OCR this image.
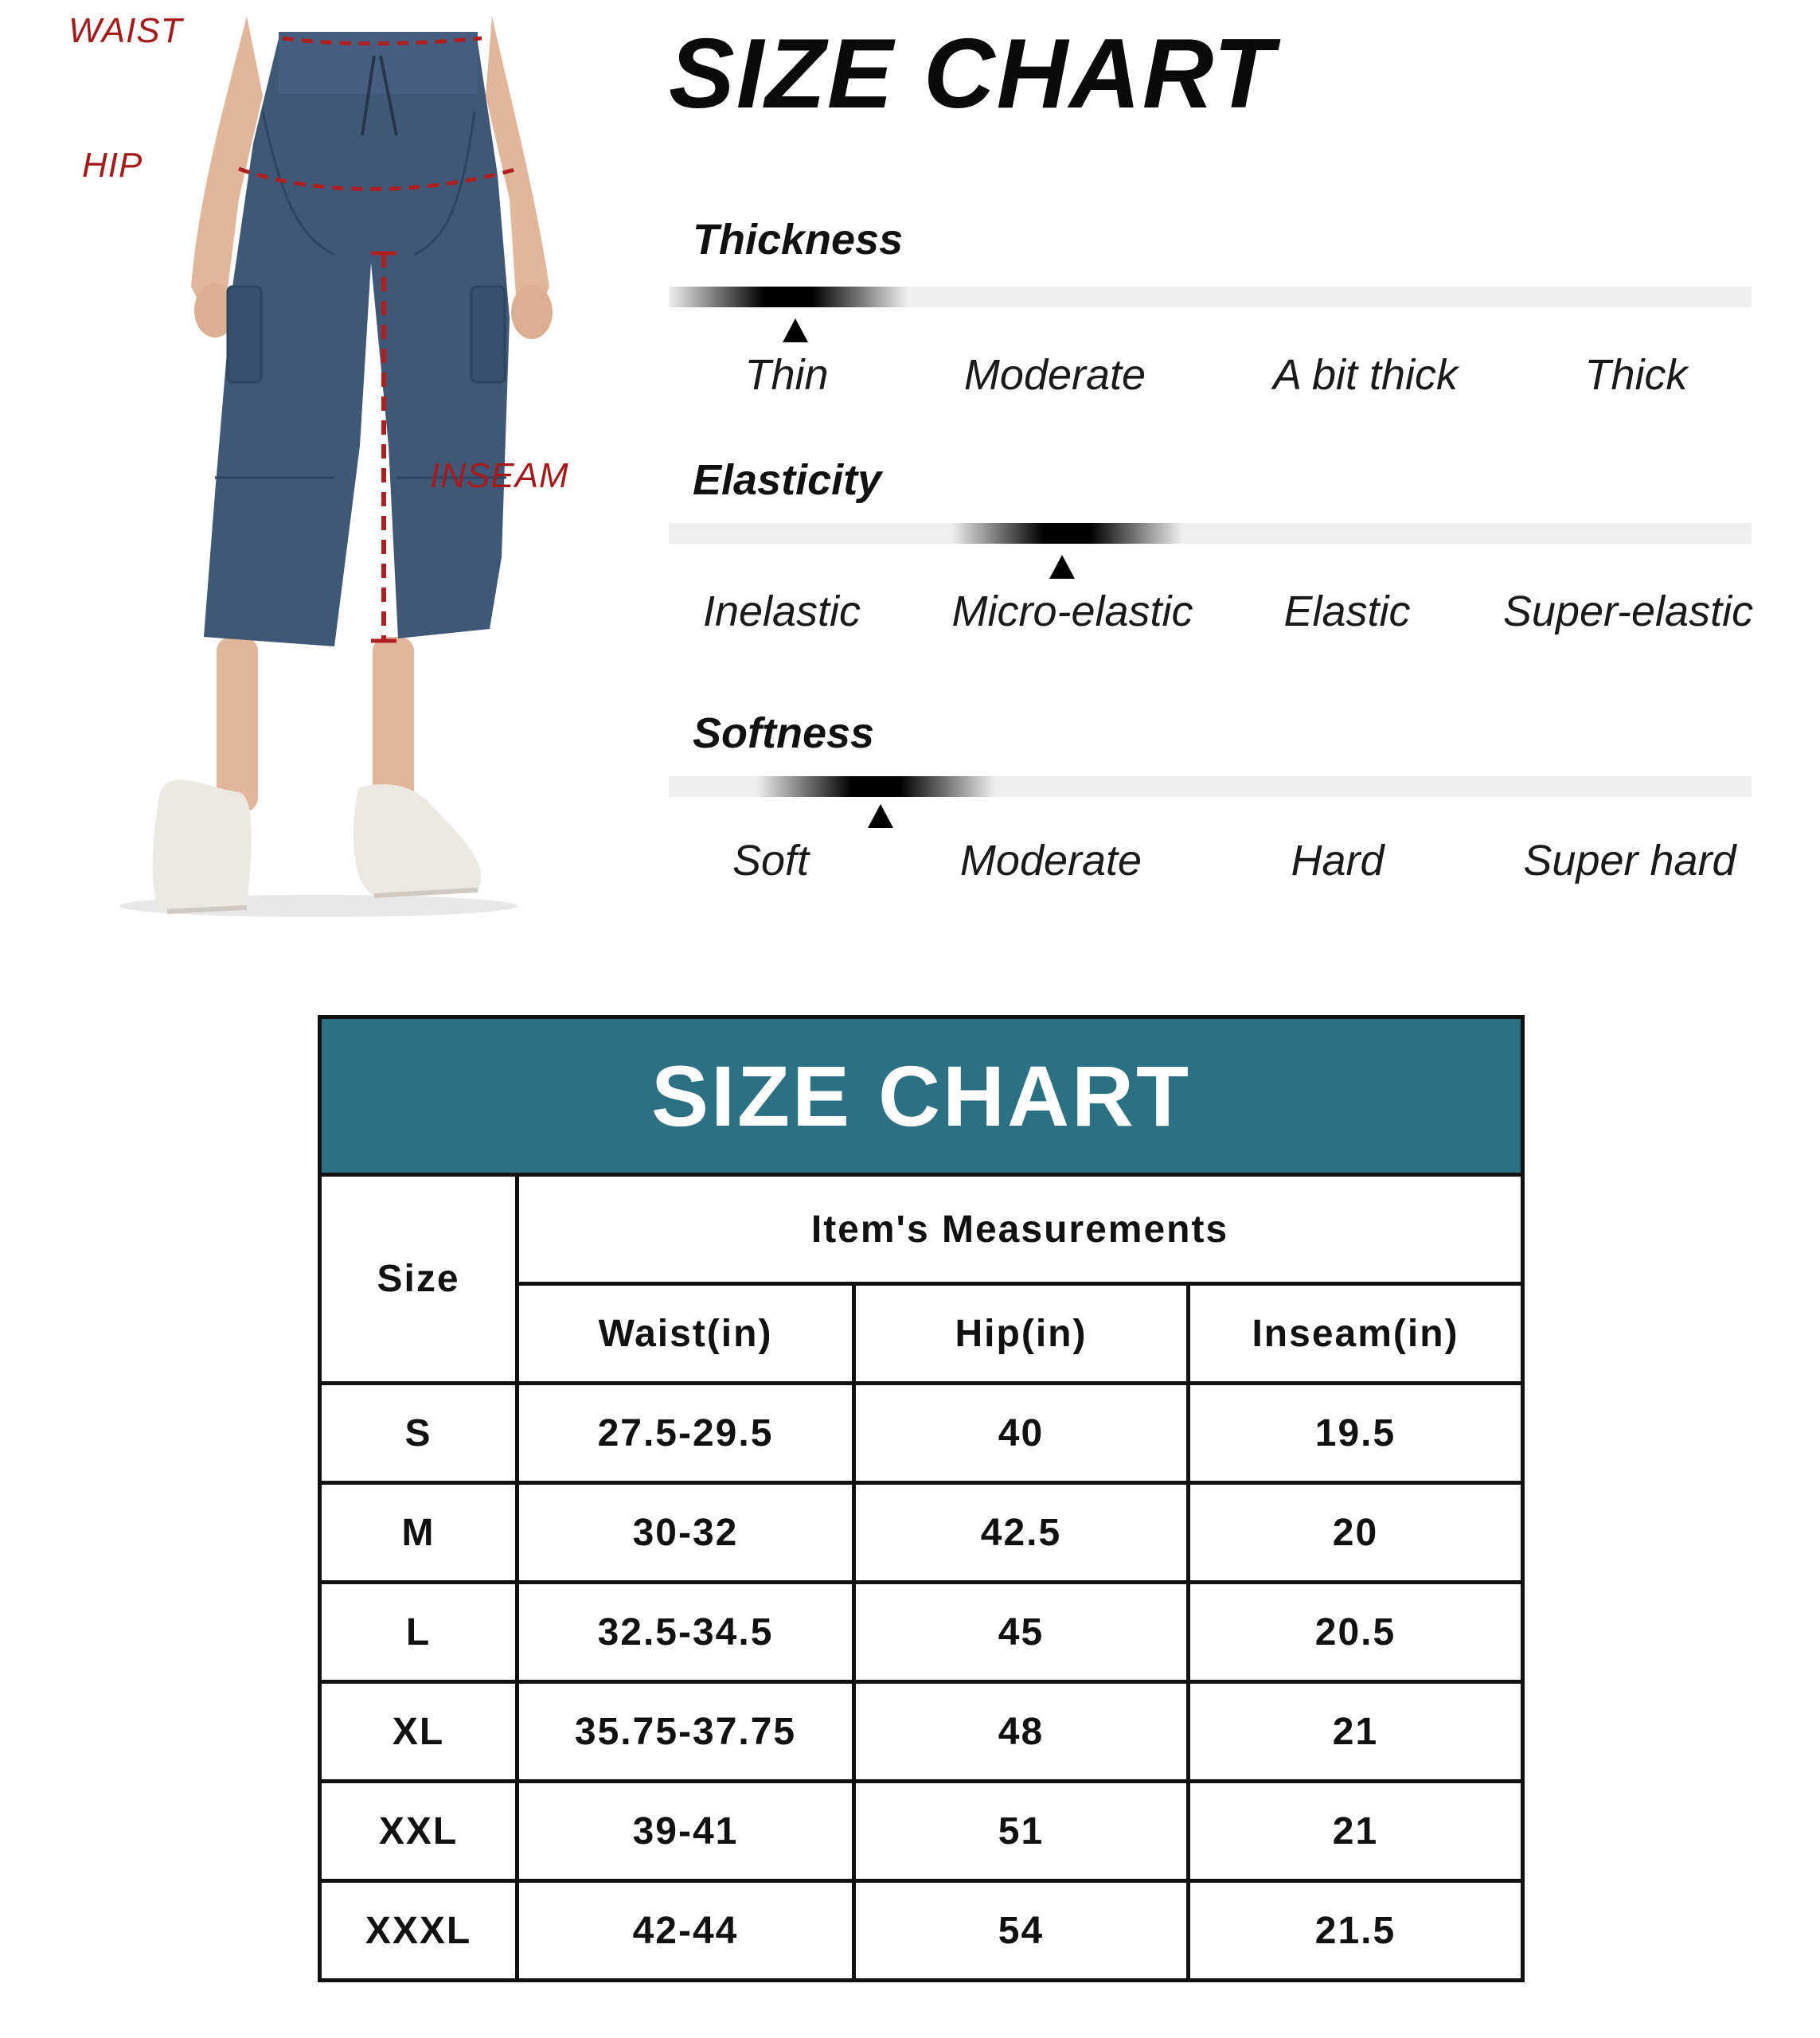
WAIST
HIP
INSEAM
SIZE CHART
Thickness
Thin	Moderate	A bit thick	Thick
Elasticity
Inelastic Micro-elastic Elastic Super-elastic
Softness
Soft	Moderate	Hard	Super hard
SIZE CHART
Size
Item's Measurements
Waist(in)	Hip(in)	Inseam(in)
S	27.5-29.5	40	19.5
M	30-32	42.5	20
L	32.5-34.5	45	20.5
XL	35.75-37.75	48	21
XXL	39-41	51	21
XXXL	42-44	54	21.5
